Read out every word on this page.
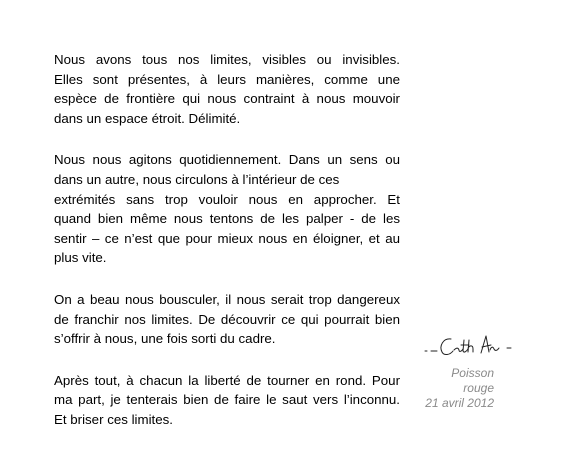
Nous avons tous nos limites, visibles ou invisibles.
Elles sont présentes, à leurs manières, comme une
espèce de frontière qui nous contraint à nous mouvoir
dans un espace étroit. Délimité.

Nous nous agitons quotidiennement. Dans un sens ou
dans un autre, nous circulons à l’intérieur de ces
extrémités sans trop vouloir nous en approcher. Et
quand bien même nous tentons de les palper - de les
sentir – ce n’est que pour mieux nous en éloigner, et au
plus vite.

On a beau nous bousculer, il nous serait trop dangereux
de franchir nos limites. De découvrir ce qui pourrait bien
s’offrir à nous, une fois sorti du cadre.

Après tout, à chacun la liberté de tourner en rond. Pour
ma part, je tenterais bien de faire le saut vers l’inconnu.
Et briser ces limites.

Poisson rouge
21 avril 2012
